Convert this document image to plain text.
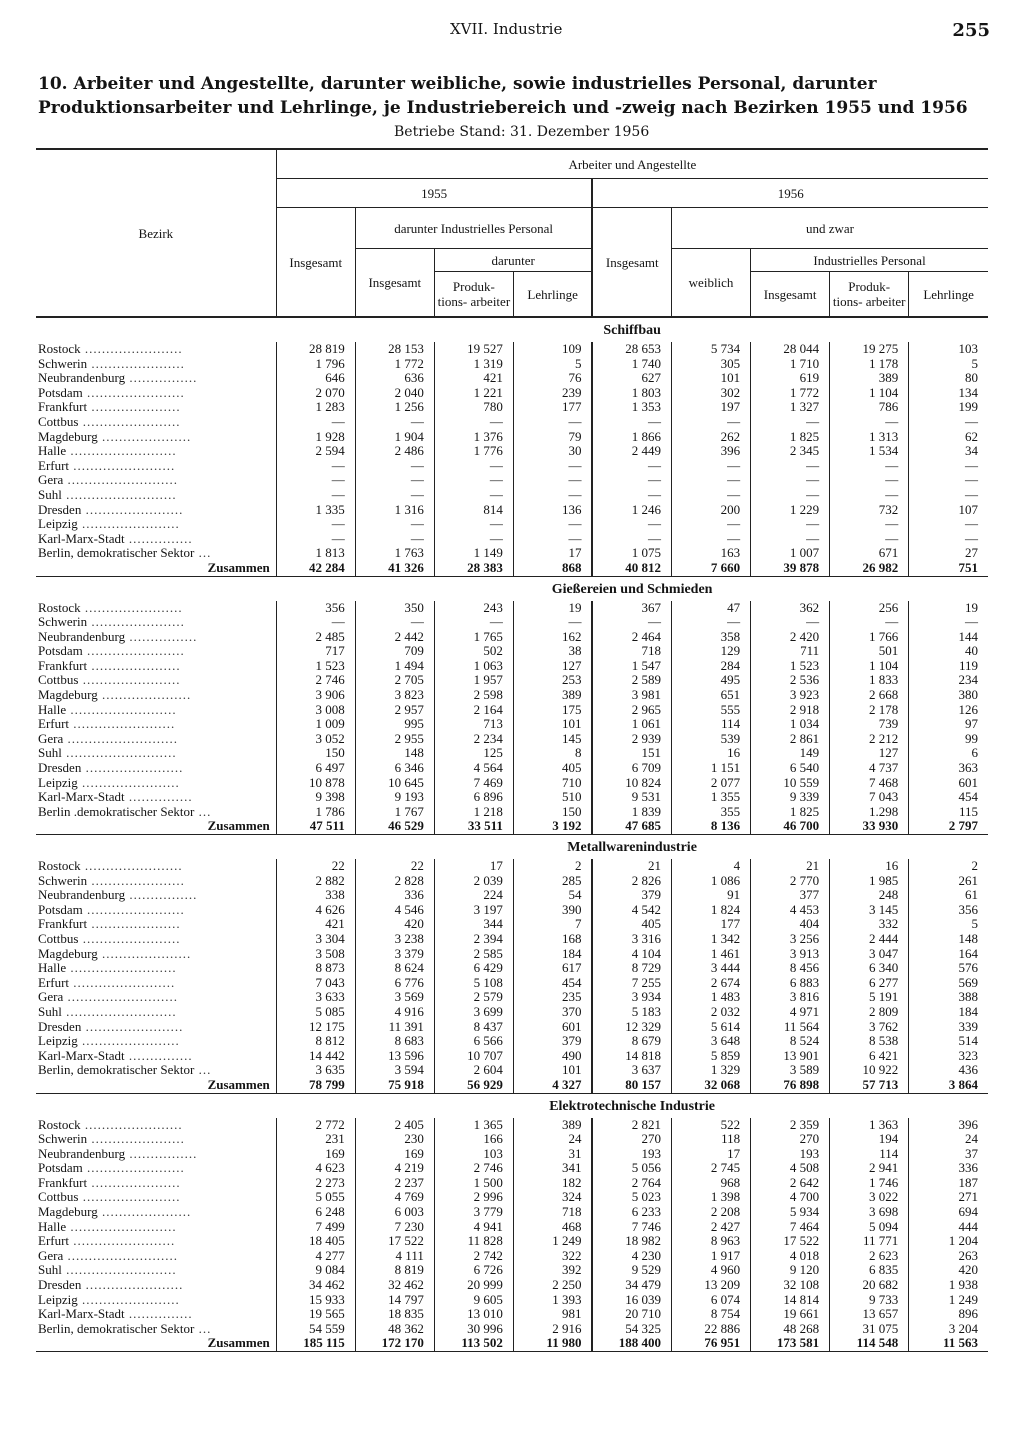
XVII. Industrie	255
10. Arbeiter und Angestellte, darunter weibliche, sowie industrielles Personal, darunter Produktionsarbeiter und Lehrlinge, je Industriebereich und -zweig nach Bezirken 1955 und 1956
Betriebe Stand: 31. Dezember 1956
Bezirk	Arbeiter und Angestellte								
	1955				1956				
	Insgesamt	darunter Industrielles Personal			Insgesamt	und zwar			
		Insgesamt	darunter			weiblich	Industrielles Personal		
			Produk- tions- arbeiter	Lehrlinge			Insgesamt	Produk- tions- arbeiter	Lehrlinge
	Schiffbau								
Rostock .......................	28 819	28 153	19 527	109	28 653	5 734	28 044	19 275	103
Schwerin ......................	1 796	1 772	1 319	5	1 740	305	1 710	1 178	5
Neubrandenburg ................	646	636	421	76	627	101	619	389	80
Potsdam .......................	2 070	2 040	1 221	239	1 803	302	1 772	1 104	134
Frankfurt .....................	1 283	1 256	780	177	1 353	197	1 327	786	199
Cottbus .......................	—	—	—	—	—	—	—	—	—
Magdeburg .....................	1 928	1 904	1 376	79	1 866	262	1 825	1 313	62
Halle .........................	2 594	2 486	1 776	30	2 449	396	2 345	1 534	34
Erfurt ........................	—	—	—	—	—	—	—	—	—
Gera ..........................	—	—	—	—	—	—	—	—	—
Suhl ..........................	—	—	—	—	—	—	—	—	—
Dresden .......................	1 335	1 316	814	136	1 246	200	1 229	732	107
Leipzig .......................	—	—	—	—	—	—	—	—	—
Karl-Marx-Stadt ...............	—	—	—	—	—	—	—	—	—
Berlin, demokratischer Sektor ...	1 813	1 763	1 149	17	1 075	163	1 007	671	27
Zusammen	42 284	41 326	28 383	868	40 812	7 660	39 878	26 982	751
	Gießereien und Schmieden								
Rostock .......................	356	350	243	19	367	47	362	256	19
Schwerin ......................	—	—	—	—	—	—	—	—	—
Neubrandenburg ................	2 485	2 442	1 765	162	2 464	358	2 420	1 766	144
Potsdam .......................	717	709	502	38	718	129	711	501	40
Frankfurt .....................	1 523	1 494	1 063	127	1 547	284	1 523	1 104	119
Cottbus .......................	2 746	2 705	1 957	253	2 589	495	2 536	1 833	234
Magdeburg .....................	3 906	3 823	2 598	389	3 981	651	3 923	2 668	380
Halle .........................	3 008	2 957	2 164	175	2 965	555	2 918	2 178	126
Erfurt ........................	1 009	995	713	101	1 061	114	1 034	739	97
Gera ..........................	3 052	2 955	2 234	145	2 939	539	2 861	2 212	99
Suhl ..........................	150	148	125	8	151	16	149	127	6
Dresden .......................	6 497	6 346	4 564	405	6 709	1 151	6 540	4 737	363
Leipzig .......................	10 878	10 645	7 469	710	10 824	2 077	10 559	7 468	601
Karl-Marx-Stadt ...............	9 398	9 193	6 896	510	9 531	1 355	9 339	7 043	454
Berlin .demokratischer Sektor ...	1 786	1 767	1 218	150	1 839	355	1 825	1.298	115
Zusammen	47 511	46 529	33 511	3 192	47 685	8 136	46 700	33 930	2 797
	Metallwarenindustrie								
Rostock .......................	22	22	17	2	21	4	21	16	2
Schwerin ......................	2 882	2 828	2 039	285	2 826	1 086	2 770	1 985	261
Neubrandenburg ................	338	336	224	54	379	91	377	248	61
Potsdam .......................	4 626	4 546	3 197	390	4 542	1 824	4 453	3 145	356
Frankfurt .....................	421	420	344	7	405	177	404	332	5
Cottbus .......................	3 304	3 238	2 394	168	3 316	1 342	3 256	2 444	148
Magdeburg .....................	3 508	3 379	2 585	184	4 104	1 461	3 913	3 047	164
Halle .........................	8 873	8 624	6 429	617	8 729	3 444	8 456	6 340	576
Erfurt ........................	7 043	6 776	5 108	454	7 255	2 674	6 883	6 277	569
Gera ..........................	3 633	3 569	2 579	235	3 934	1 483	3 816	5 191	388
Suhl ..........................	5 085	4 916	3 699	370	5 183	2 032	4 971	2 809	184
Dresden .......................	12 175	11 391	8 437	601	12 329	5 614	11 564	3 762	339
Leipzig .......................	8 812	8 683	6 566	379	8 679	3 648	8 524	8 538	514
Karl-Marx-Stadt ...............	14 442	13 596	10 707	490	14 818	5 859	13 901	6 421	323
Berlin, demokratischer Sektor ...	3 635	3 594	2 604	101	3 637	1 329	3 589	10 922	436
Zusammen	78 799	75 918	56 929	4 327	80 157	32 068	76 898	57 713	3 864
	Elektrotechnische Industrie								
Rostock .......................	2 772	2 405	1 365	389	2 821	522	2 359	1 363	396
Schwerin ......................	231	230	166	24	270	118	270	194	24
Neubrandenburg ................	169	169	103	31	193	17	193	114	37
Potsdam .......................	4 623	4 219	2 746	341	5 056	2 745	4 508	2 941	336
Frankfurt .....................	2 273	2 237	1 500	182	2 764	968	2 642	1 746	187
Cottbus .......................	5 055	4 769	2 996	324	5 023	1 398	4 700	3 022	271
Magdeburg .....................	6 248	6 003	3 779	718	6 233	2 208	5 934	3 698	694
Halle .........................	7 499	7 230	4 941	468	7 746	2 427	7 464	5 094	444
Erfurt ........................	18 405	17 522	11 828	1 249	18 982	8 963	17 522	11 771	1 204
Gera ..........................	4 277	4 111	2 742	322	4 230	1 917	4 018	2 623	263
Suhl ..........................	9 084	8 819	6 726	392	9 529	4 960	9 120	6 835	420
Dresden .......................	34 462	32 462	20 999	2 250	34 479	13 209	32 108	20 682	1 938
Leipzig .......................	15 933	14 797	9 605	1 393	16 039	6 074	14 814	9 733	1 249
Karl-Marx-Stadt ...............	19 565	18 835	13 010	981	20 710	8 754	19 661	13 657	896
Berlin, demokratischer Sektor ...	54 559	48 362	30 996	2 916	54 325	22 886	48 268	31 075	3 204
Zusammen	185 115	172 170	113 502	11 980	188 400	76 951	173 581	114 548	11 563
